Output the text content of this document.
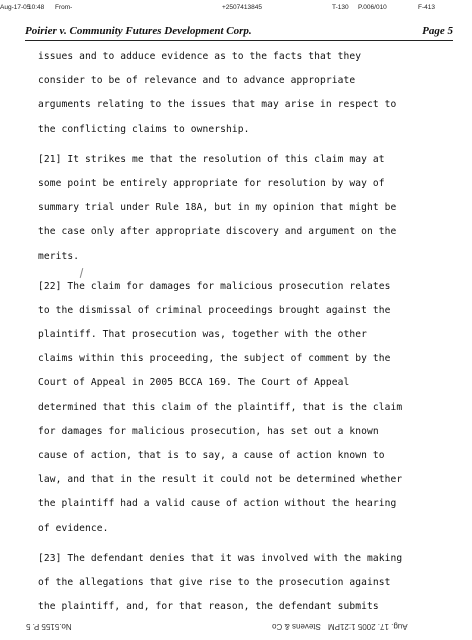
Aug-17-05
10:48 From-	+2507413845	T-130 P.006/010	F-413
Poirier v. Community Futures Development Corp.	Page 5
issues and to adduce evidence as to the facts that they
consider to be of relevance and to advance appropriate
arguments relating to the issues that may arise in respect to
the conflicting claims to ownership.
[21] It strikes me that the resolution of this claim may at
some point be entirely appropriate for resolution by way of
summary trial under Rule 18A, but in my opinion that might be
the case only after appropriate discovery and argument on the
merits.
[22] The claim for damages for malicious prosecution relates
to the dismissal of criminal proceedings brought against the
plaintiff. That prosecution was, together with the other
claims within this proceeding, the subject of comment by the
Court of Appeal in 2005 BCCA 169. The Court of Appeal
determined that this claim of the plaintiff, that is the claim
for damages for malicious prosecution, has set out a known
cause of action, that is to say, a cause of action known to
law, and that in the result it could not be determined whether
the plaintiff had a valid cause of action without the hearing
of evidence.
[23] The defendant denies that it was involved with the making
of the allegations that give rise to the prosecution against
the plaintiff, and, for that reason, the defendant submits
No.5155 P. 5	Stevens & Co Aug. 17. 2005 1:21PM
